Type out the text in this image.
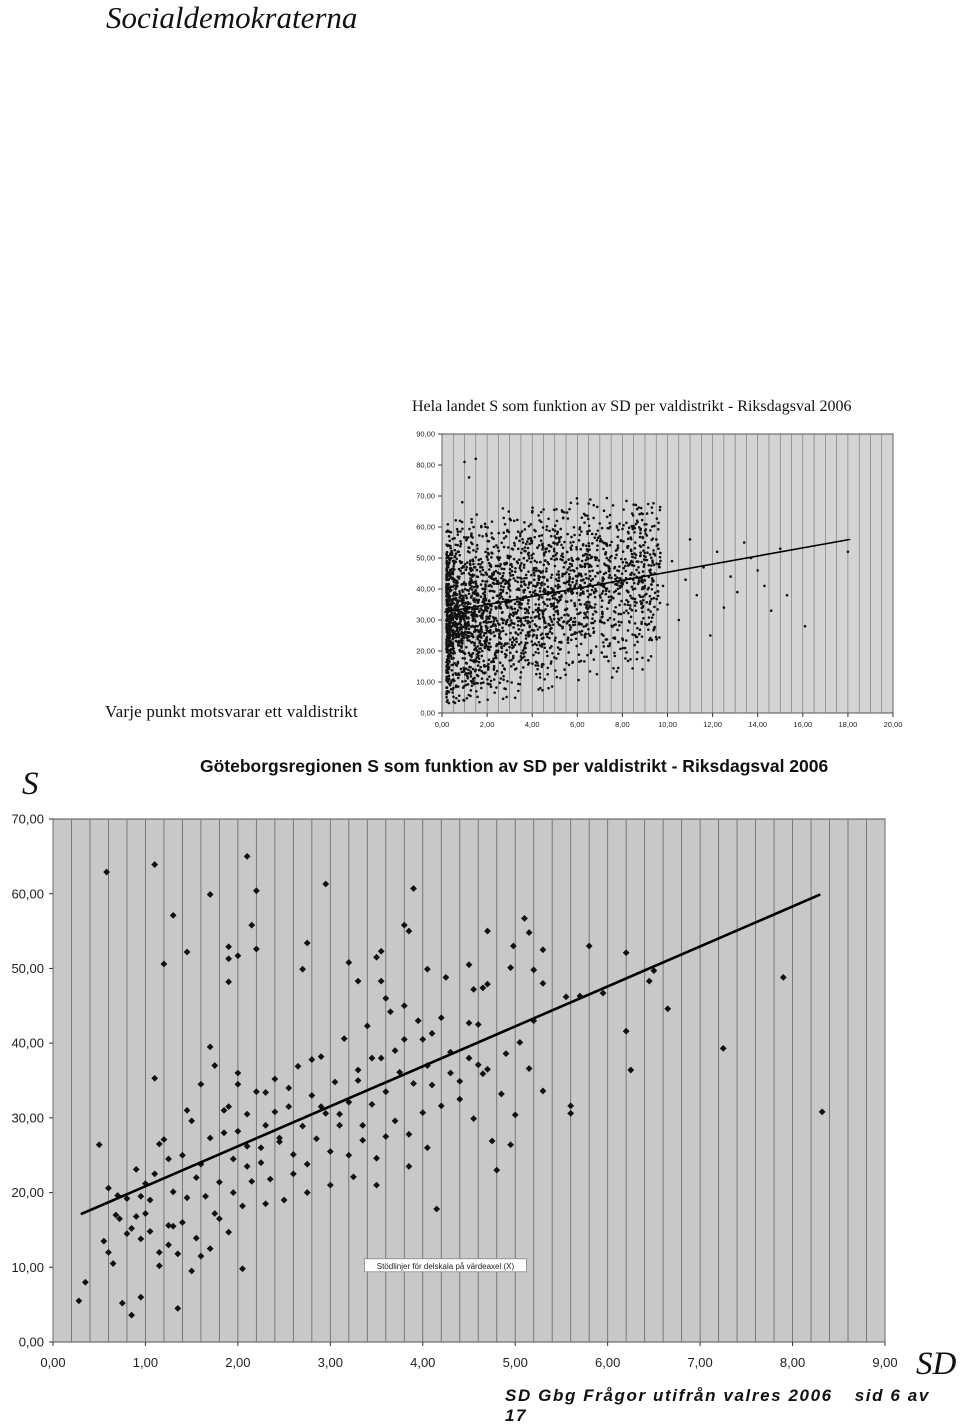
Socialdemokraterna
Hela landet S som funktion av SD per valdistrikt - Riksdagsval 2006
Varje punkt motsvarar ett valdistrikt
Göteborgsregionen S som funktion av SD per valdistrikt - Riksdagsval 2006
S
SD
SD Gbg Frågor utifrån valres 2006 sid 6 av 17
0,00
10,00
20,00
30,00
40,00
50,00
60,00
70,00
80,00
90,00
0,00	2,00	4,00	6,00	8,00	10,00	12,00	14,00	16,00	18,00	20,00
0,00
10,00
20,00
30,00
40,00
50,00
60,00
70,00
0,00	1,00	2,00	3,00	4,00	5,00	6,00	7,00	8,00	9,00
Stödlinjer för delskala på värdeaxel (X)
